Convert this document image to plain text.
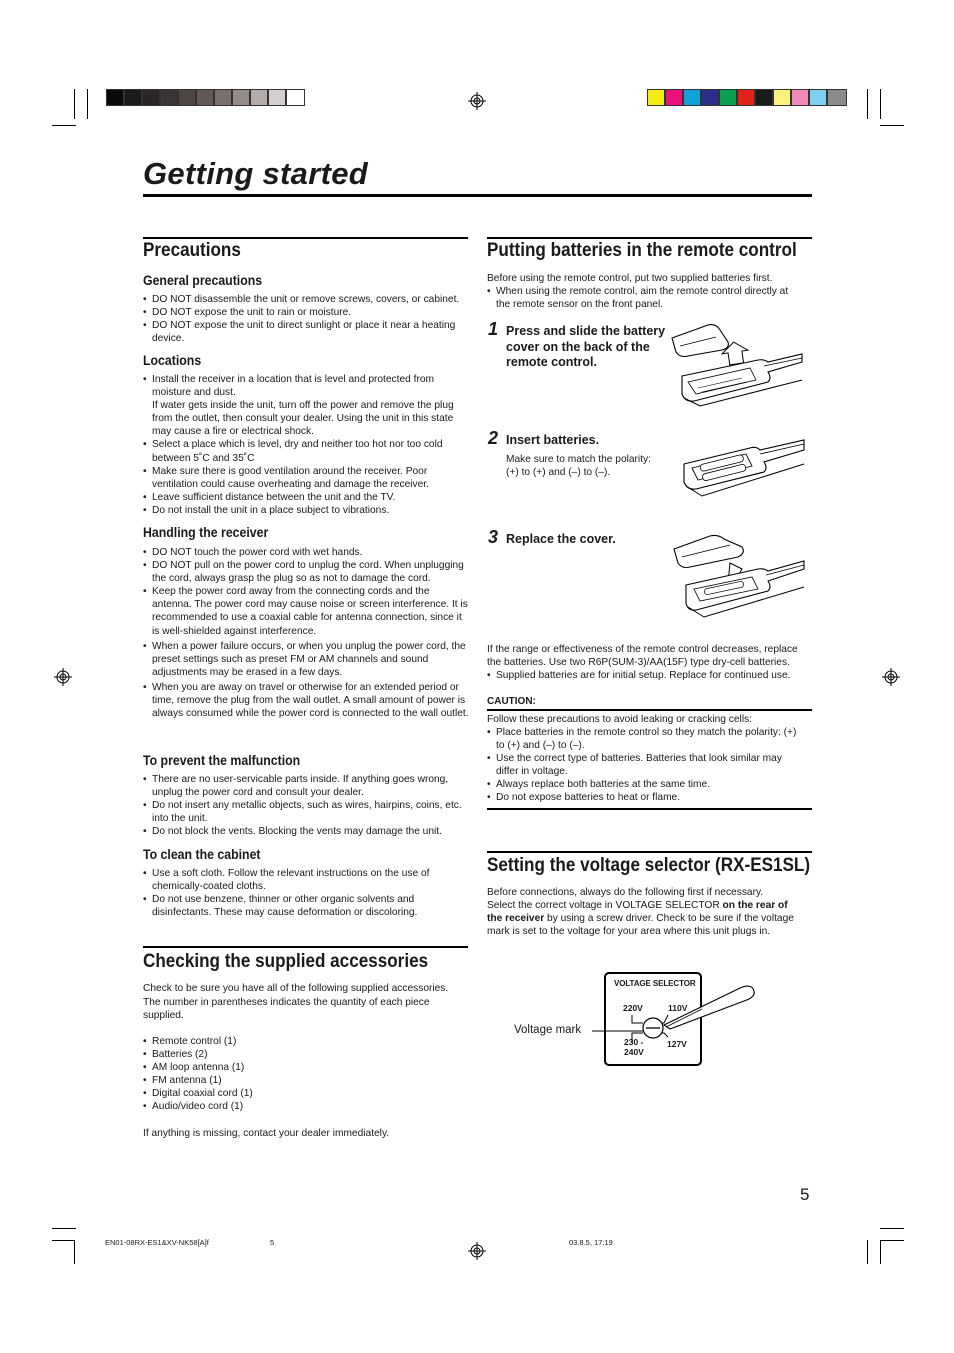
Getting started
Precautions
General precautions
• DO NOT disassemble the unit or remove screws, covers, or cabinet.
• DO NOT expose the unit to rain or moisture.
• DO NOT expose the unit to direct sunlight or place it near a heating device.
Locations
• Install the receiver in a location that is level and protected from moisture and dust.
If water gets inside the unit, turn off the power and remove the plug from the outlet, then consult your dealer. Using the unit in this state may cause a fire or electrical shock.
• Select a place which is level, dry and neither too hot nor too cold between 5˚C and 35˚C
• Make sure there is good ventilation around the receiver. Poor ventilation could cause overheating and damage the receiver.
• Leave sufficient distance between the unit and the TV.
• Do not install the unit in a place subject to vibrations.
Handling the receiver
• DO NOT touch the power cord with wet hands.
• DO NOT pull on the power cord to unplug the cord. When unplugging the cord, always grasp the plug so as not to damage the cord.
• Keep the power cord away from the connecting cords and the antenna. The power cord may cause noise or screen interference. It is recommended to use a coaxial cable for antenna connection, since it is well-shielded against interference.
• When a power failure occurs, or when you unplug the power cord, the preset settings such as preset FM or AM channels and sound adjustments may be erased in a few days.
• When you are away on travel or otherwise for an extended period or time, remove the plug from the wall outlet. A small amount of power is always consumed while the power cord is connected to the wall outlet.
To prevent the malfunction
• There are no user-servicable parts inside. If anything goes wrong, unplug the power cord and consult your dealer.
• Do not insert any metallic objects, such as wires, hairpins, coins, etc. into the unit.
• Do not block the vents. Blocking the vents may damage the unit.
To clean the cabinet
• Use a soft cloth. Follow the relevant instructions on the use of chemically-coated cloths.
• Do not use benzene, thinner or other organic solvents and disinfectants. These may cause deformation or discoloring.
Checking the supplied accessories
Check to be sure you have all of the following supplied accessories. The number in parentheses indicates the quantity of each piece supplied.
• Remote control (1)
• Batteries (2)
• AM loop antenna (1)
• FM antenna (1)
• Digital coaxial cord (1)
• Audio/video cord (1)
If anything is missing, contact your dealer immediately.
Putting batteries in the remote control
Before using the remote control, put two supplied batteries first.
• When using the remote control, aim the remote control directly at the remote sensor on the front panel.
1 Press and slide the battery cover on the back of the remote control.
2 Insert batteries.
Make sure to match the polarity: (+) to (+) and (–) to (–).
3 Replace the cover.
If the range or effectiveness of the remote control decreases, replace the batteries. Use two R6P(SUM-3)/AA(15F) type dry-cell batteries.
• Supplied batteries are for initial setup. Replace for continued use.
CAUTION:
Follow these precautions to avoid leaking or cracking cells:
• Place batteries in the remote control so they match the polarity: (+) to (+) and (–) to (–).
• Use the correct type of batteries. Batteries that look similar may differ in voltage.
• Always replace both batteries at the same time.
• Do not expose batteries to heat or flame.
Setting the voltage selector (RX-ES1SL)
Before connections, always do the following first if necessary.
Select the correct voltage in VOLTAGE SELECTOR on the rear of
the receiver by using a screw driver. Check to be sure if the voltage
mark is set to the voltage for your area where this unit plugs in.
VOLTAGE SELECTOR
220V	110V
230 -
240V
127V
Voltage mark
5
EN01-08RX-ES1&XV-NK58[A]f	5	03.8.5, 17:19
